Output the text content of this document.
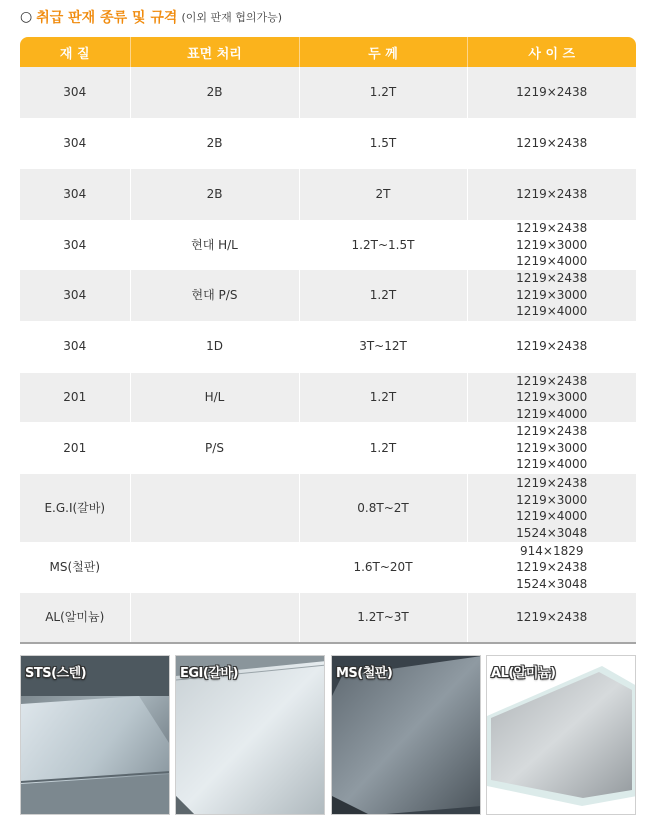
○ 취급 판재 종류 및 규격 (이외 판재 협의가능)
재 질	표면 처리	두 께	사 이 즈
304	2B	1.2T	1219×2438

304	2B	1.5T	1219×2438

304	2B	2T	1219×2438

304	현대 H/L	1.2T~1.5T	1219×2438
1219×3000
1219×4000

304	현대 P/S	1.2T	1219×2438
1219×3000
1219×4000

304	1D	3T~12T	1219×2438

201	H/L	1.2T	1219×2438
1219×3000
1219×4000

201	P/S	1.2T	1219×2438
1219×3000
1219×4000

E.G.I(갈바)		0.8T~2T	1219×2438
1219×3000
1219×4000
1524×3048

MS(철판)		1.6T~20T	914×1829
1219×2438
1524×3048

AL(알미늄)		1.2T~3T	1219×2438
STS(스텐)	EGI(갈바)	MS(철판)	AL(알미늄)
